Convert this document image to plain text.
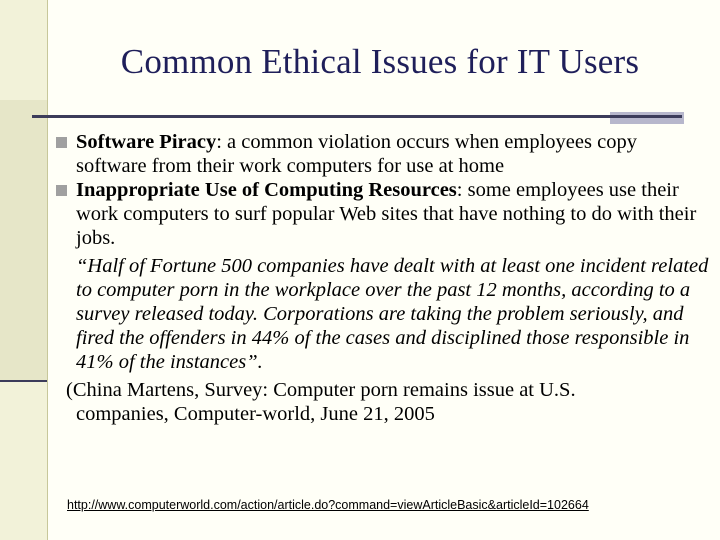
Common Ethical Issues for IT Users
Software Piracy: a common violation occurs when employees copy software from their work computers for use at home
Inappropriate Use of Computing Resources: some employees use their work computers to surf popular Web sites that have nothing to do with their jobs.
“Half of Fortune 500 companies have dealt with at least one incident related to computer porn in the workplace over the past 12 months, according to a survey released today. Corporations are taking the problem seriously, and fired the offenders in 44% of the cases and disciplined those responsible in 41% of the instances”.
(China Martens, Survey: Computer porn remains issue at U.S.
companies, Computer-world, June 21, 2005
http://www.computerworld.com/action/article.do?command=viewArticleBasic&articleId=102664
